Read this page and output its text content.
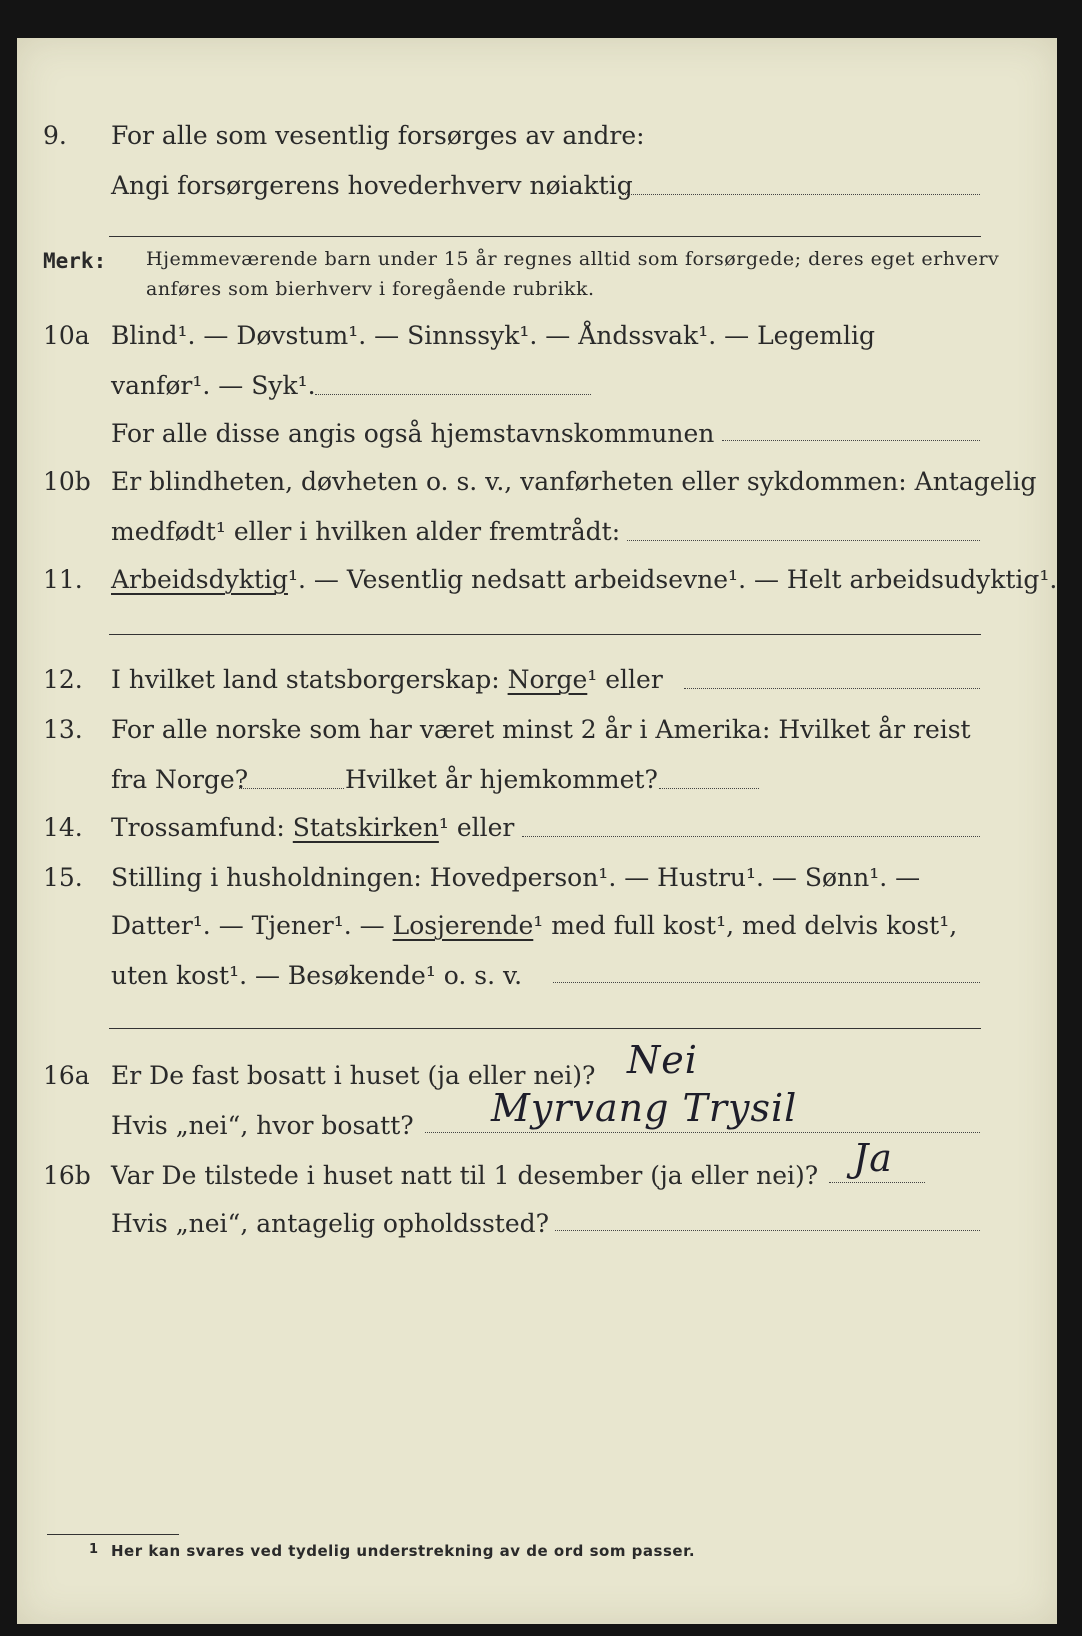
9. For alle som vesentlig forsørges av andre:
Angi forsørgerens hovederhverv nøiaktig
Merk: Hjemmeværende barn under 15 år regnes alltid som forsørgede; deres eget erhverv
anføres som bierhverv i foregående rubrikk.
10a Blind¹. — Døvstum¹. — Sinnssyk¹. — Åndssvak¹. — Legemlig
vanfør¹. — Syk¹.
For alle disse angis også hjemstavnskommunen
10b Er blindheten, døvheten o. s. v., vanførheten eller sykdommen: Antagelig
medfødt¹ eller i hvilken alder fremtrådt:
11. Arbeidsdyktig¹. — Vesentlig nedsatt arbeidsevne¹. — Helt arbeidsudyktig¹.
12. I hvilket land statsborgerskap: Norge¹ eller
13. For alle norske som har været minst 2 år i Amerika: Hvilket år reist
fra Norge?	Hvilket år hjemkommet?
14. Trossamfund: Statskirken¹ eller
15. Stilling i husholdningen: Hovedperson¹. — Hustru¹. — Sønn¹. —
Datter¹. — Tjener¹. — Losjerende¹ med full kost¹, med delvis kost¹,
uten kost¹. — Besøkende¹ o. s. v.
16a Er De fast bosatt i huset (ja eller nei)? Nei
Hvis „nei“, hvor bosatt? Myrvang Trysil
16b Var De tilstede i huset natt til 1 desember (ja eller nei)? Ja
Hvis „nei“, antagelig opholdssted?
1 Her kan svares ved tydelig understrekning av de ord som passer.
